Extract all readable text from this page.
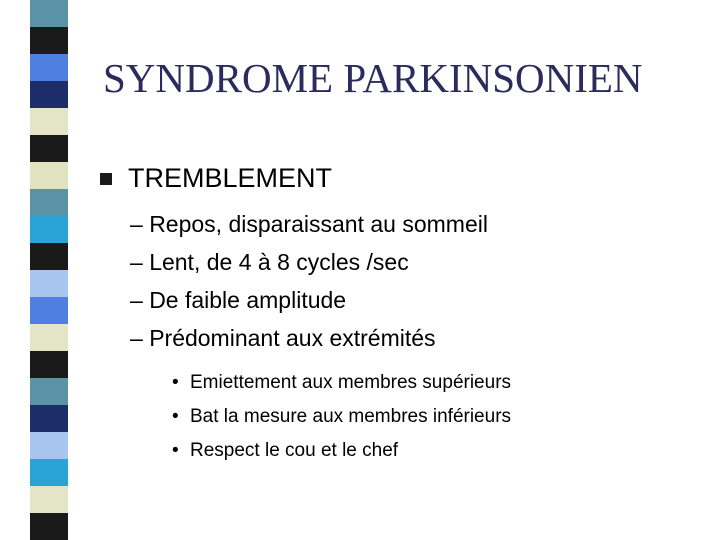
SYNDROME PARKINSONIEN
TREMBLEMENT
– Repos, disparaissant au sommeil
– Lent, de 4 à 8 cycles /sec
– De faible amplitude
– Prédominant aux extrémités
• Emiettement aux membres supérieurs
• Bat la mesure aux membres inférieurs
• Respect le cou et le chef
